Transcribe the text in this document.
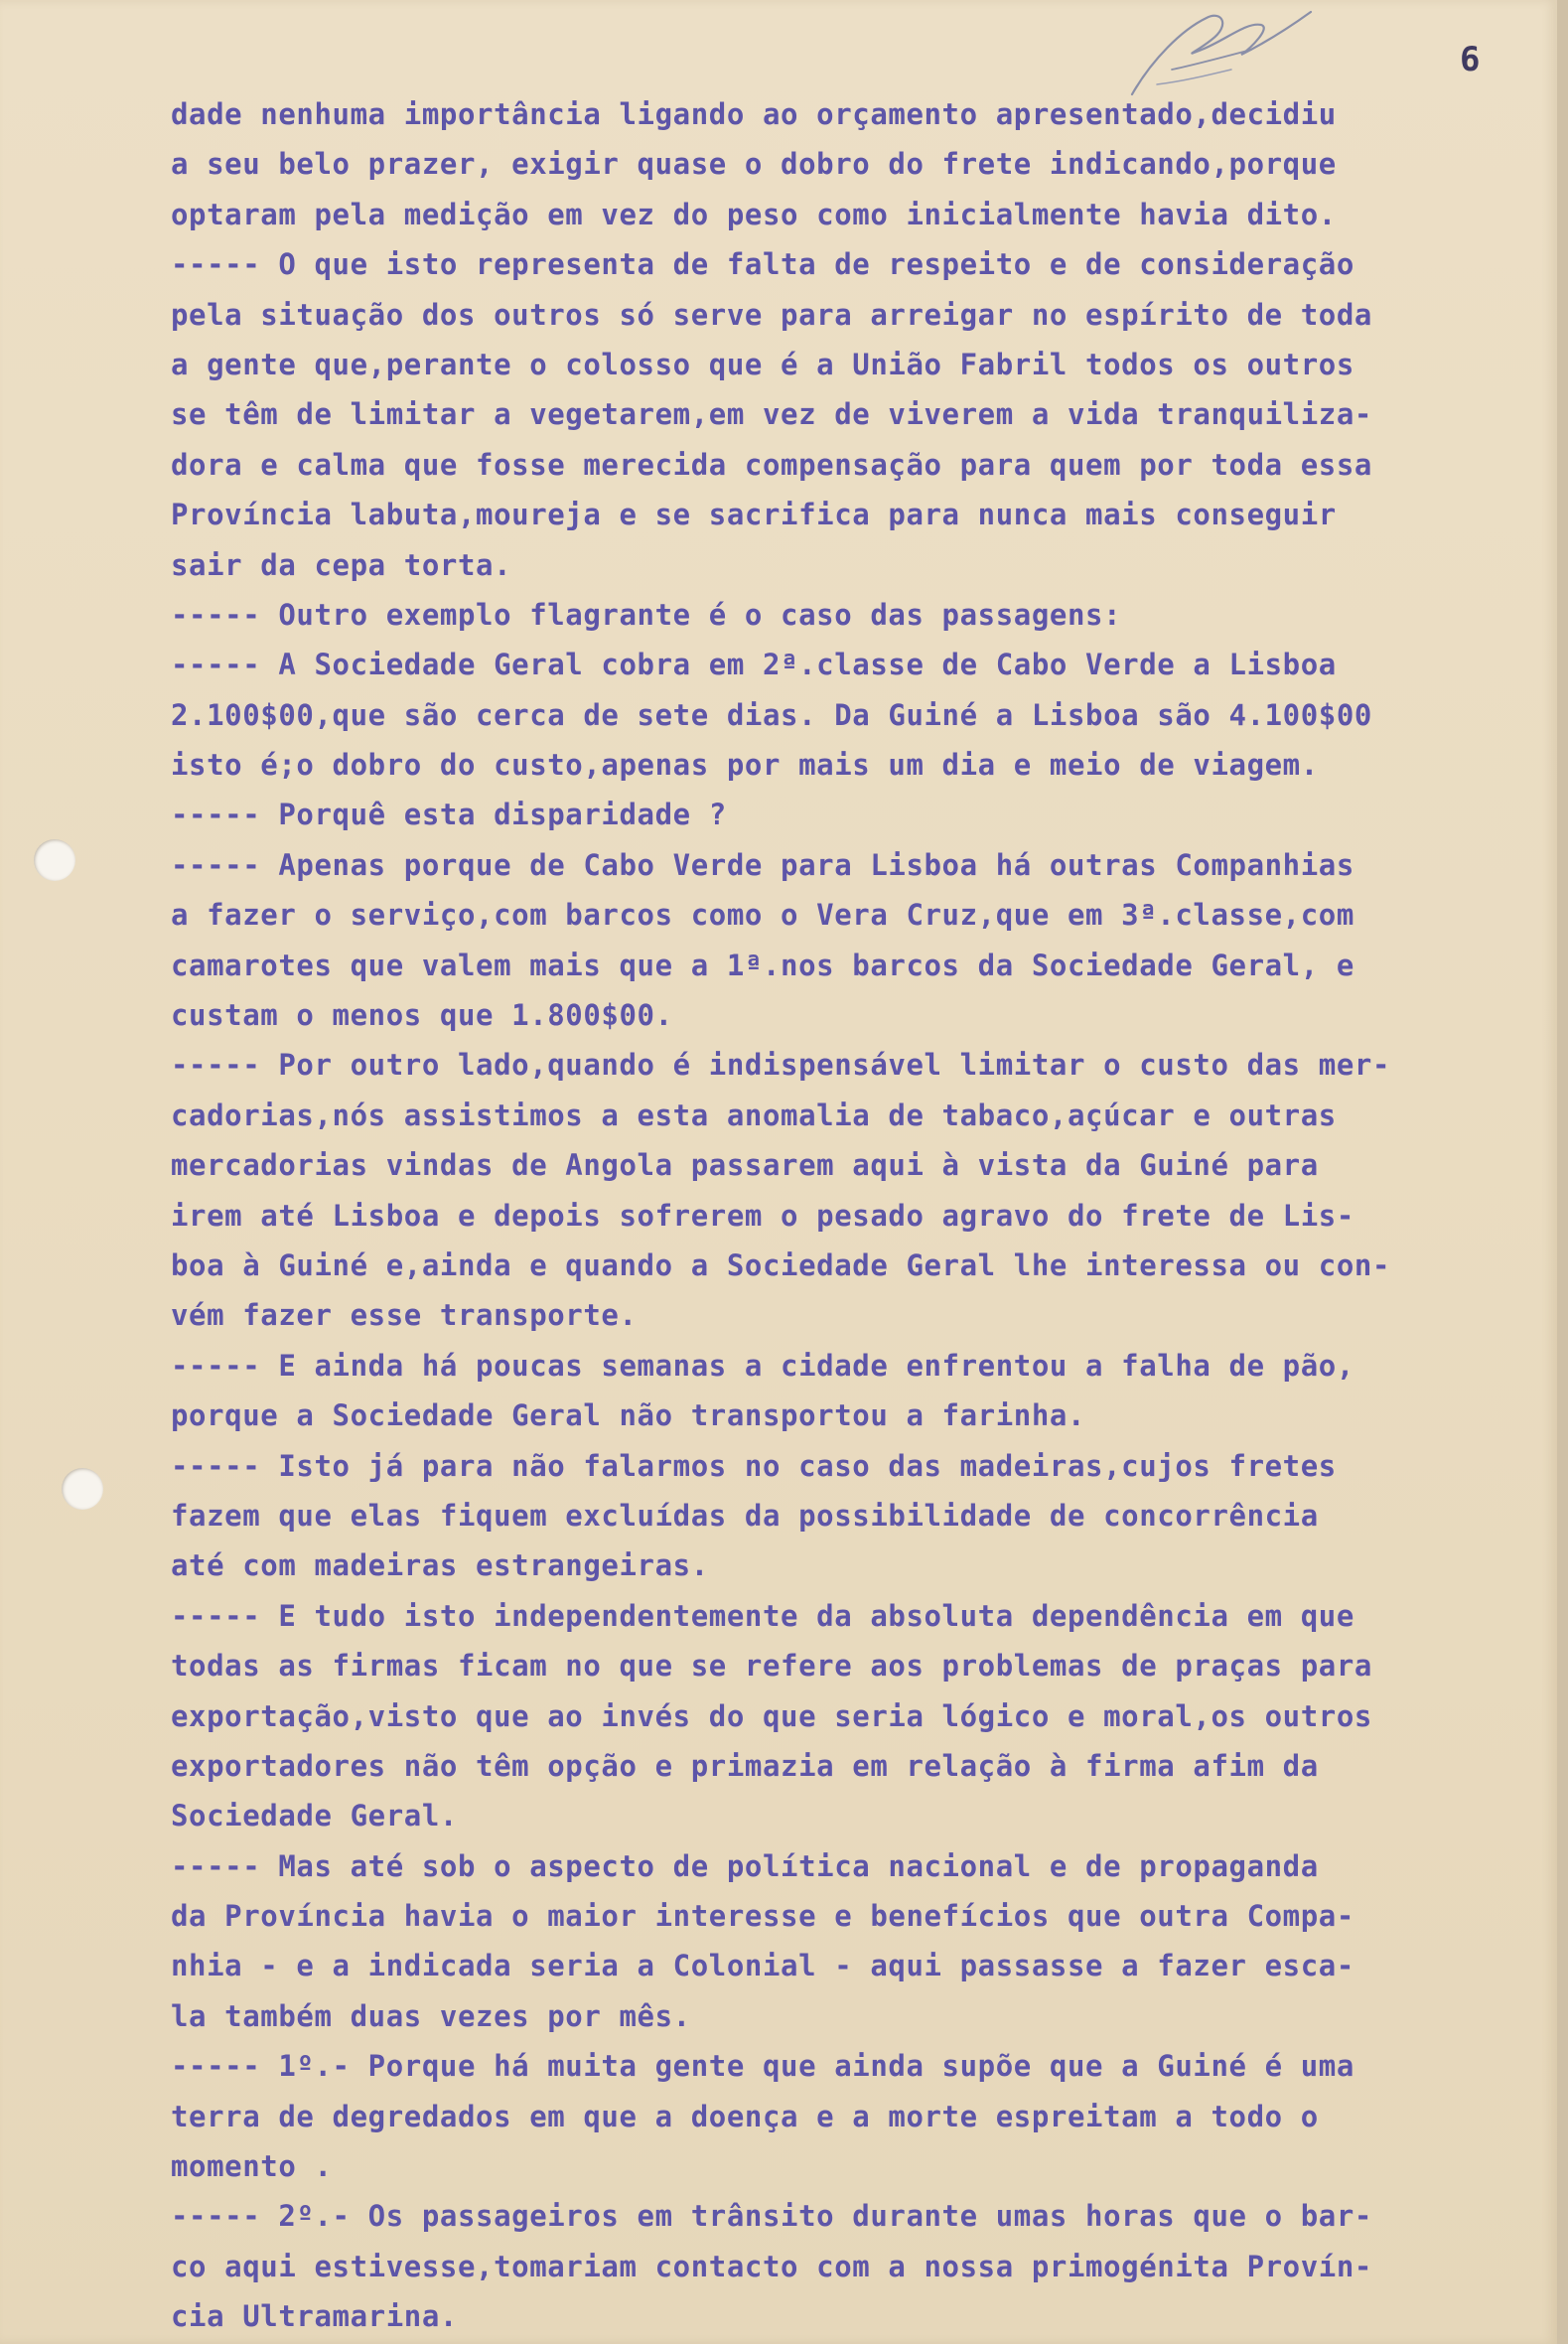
6
dade nenhuma importância ligando ao orçamento apresentado,decidiu
a seu belo prazer, exigir quase o dobro do frete indicando,porque
optaram pela medição em vez do peso como inicialmente havia dito.
----- O que isto representa de falta de respeito e de consideração
pela situação dos outros só serve para arreigar no espírito de toda
a gente que,perante o colosso que é a União Fabril todos os outros
se têm de limitar a vegetarem,em vez de viverem a vida tranquiliza-
dora e calma que fosse merecida compensação para quem por toda essa
Província labuta,moureja e se sacrifica para nunca mais conseguir
sair da cepa torta.
----- Outro exemplo flagrante é o caso das passagens:
----- A Sociedade Geral cobra em 2ª.classe de Cabo Verde a Lisboa
2.100$00,que são cerca de sete dias. Da Guiné a Lisboa são 4.100$00
isto é;o dobro do custo,apenas por mais um dia e meio de viagem.
----- Porquê esta disparidade ?
----- Apenas porque de Cabo Verde para Lisboa há outras Companhias
a fazer o serviço,com barcos como o Vera Cruz,que em 3ª.classe,com
camarotes que valem mais que a 1ª.nos barcos da Sociedade Geral, e
custam o menos que 1.800$00.
----- Por outro lado,quando é indispensável limitar o custo das mer-
cadorias,nós assistimos a esta anomalia de tabaco,açúcar e outras
mercadorias vindas de Angola passarem aqui à vista da Guiné para
irem até Lisboa e depois sofrerem o pesado agravo do frete de Lis-
boa à Guiné e,ainda e quando a Sociedade Geral lhe interessa ou con-
vém fazer esse transporte.
----- E ainda há poucas semanas a cidade enfrentou a falha de pão,
porque a Sociedade Geral não transportou a farinha.
----- Isto já para não falarmos no caso das madeiras,cujos fretes
fazem que elas fiquem excluídas da possibilidade de concorrência
até com madeiras estrangeiras.
----- E tudo isto independentemente da absoluta dependência em que
todas as firmas ficam no que se refere aos problemas de praças para
exportação,visto que ao invés do que seria lógico e moral,os outros
exportadores não têm opção e primazia em relação à firma afim da
Sociedade Geral.
----- Mas até sob o aspecto de política nacional e de propaganda
da Província havia o maior interesse e benefícios que outra Compa-
nhia - e a indicada seria a Colonial - aqui passasse a fazer esca-
la também duas vezes por mês.
----- 1º.- Porque há muita gente que ainda supõe que a Guiné é uma
terra de degredados em que a doença e a morte espreitam a todo o
momento .
----- 2º.- Os passageiros em trânsito durante umas horas que o bar-
co aqui estivesse,tomariam contacto com a nossa primogénita Provín-
cia Ultramarina.
